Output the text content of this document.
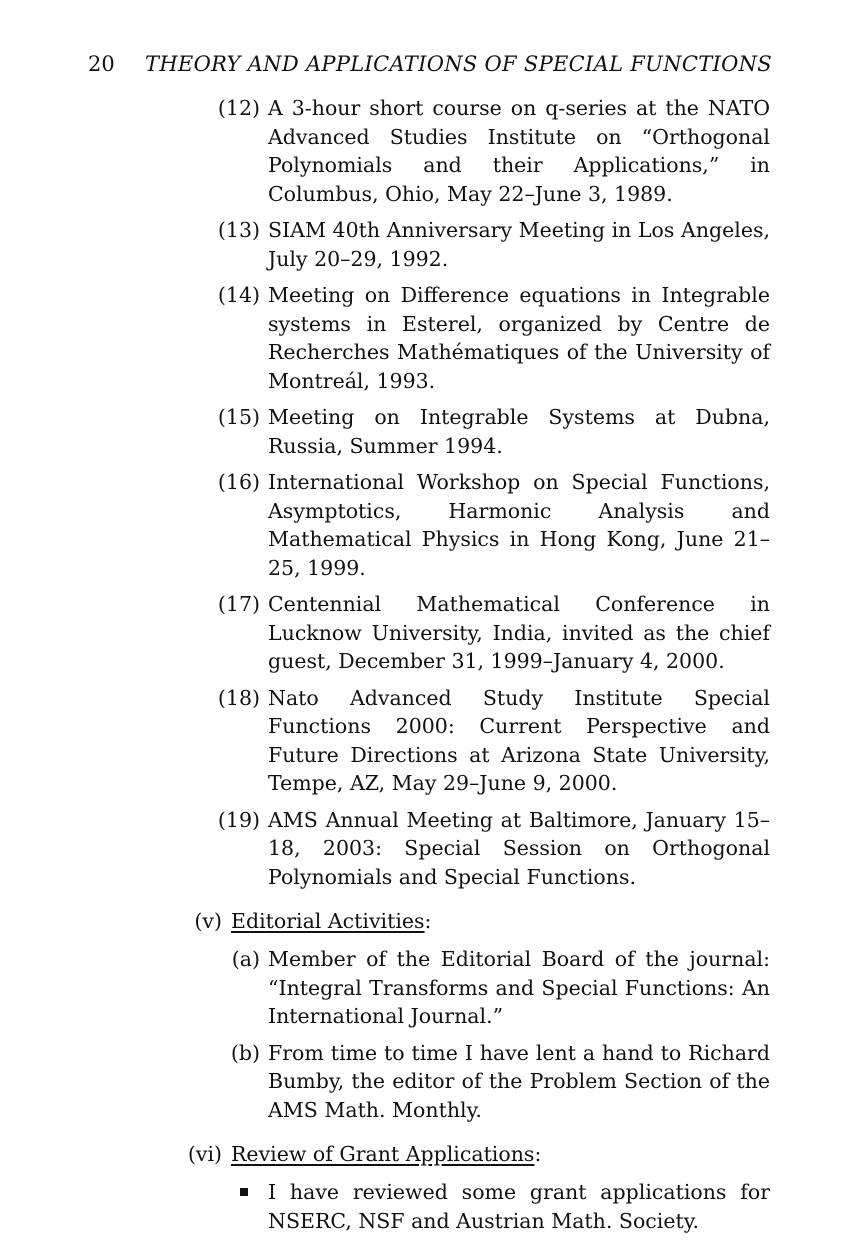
20 THEORY AND APPLICATIONS OF SPECIAL FUNCTIONS
(12) A 3-hour short course on q-series at the NATO Advanced Studies Institute on “Orthogonal Polynomials and their Applications,” in Columbus, Ohio, May 22–June 3, 1989.
(13) SIAM 40th Anniversary Meeting in Los Angeles, July 20–29, 1992.
(14) Meeting on Difference equations in Integrable systems in Esterel, organized by Centre de Recherches Mathématiques of the University of Montreál, 1993.
(15) Meeting on Integrable Systems at Dubna, Russia, Summer 1994.
(16) International Workshop on Special Functions, Asymptotics, Harmonic Analysis and Mathematical Physics in Hong Kong, June 21–25, 1999.
(17) Centennial Mathematical Conference in Lucknow University, India, invited as the chief guest, December 31, 1999–January 4, 2000.
(18) Nato Advanced Study Institute Special Functions 2000: Current Perspective and Future Directions at Arizona State University, Tempe, AZ, May 29–June 9, 2000.
(19) AMS Annual Meeting at Baltimore, January 15–18, 2003: Special Session on Orthogonal Polynomials and Special Functions.
(v) Editorial Activities:
(a) Member of the Editorial Board of the journal: “Integral Transforms and Special Functions: An International Journal.”
(b) From time to time I have lent a hand to Richard Bumby, the editor of the Problem Section of the AMS Math. Monthly.
(vi) Review of Grant Applications:
I have reviewed some grant applications for NSERC, NSF and Austrian Math. Society.
